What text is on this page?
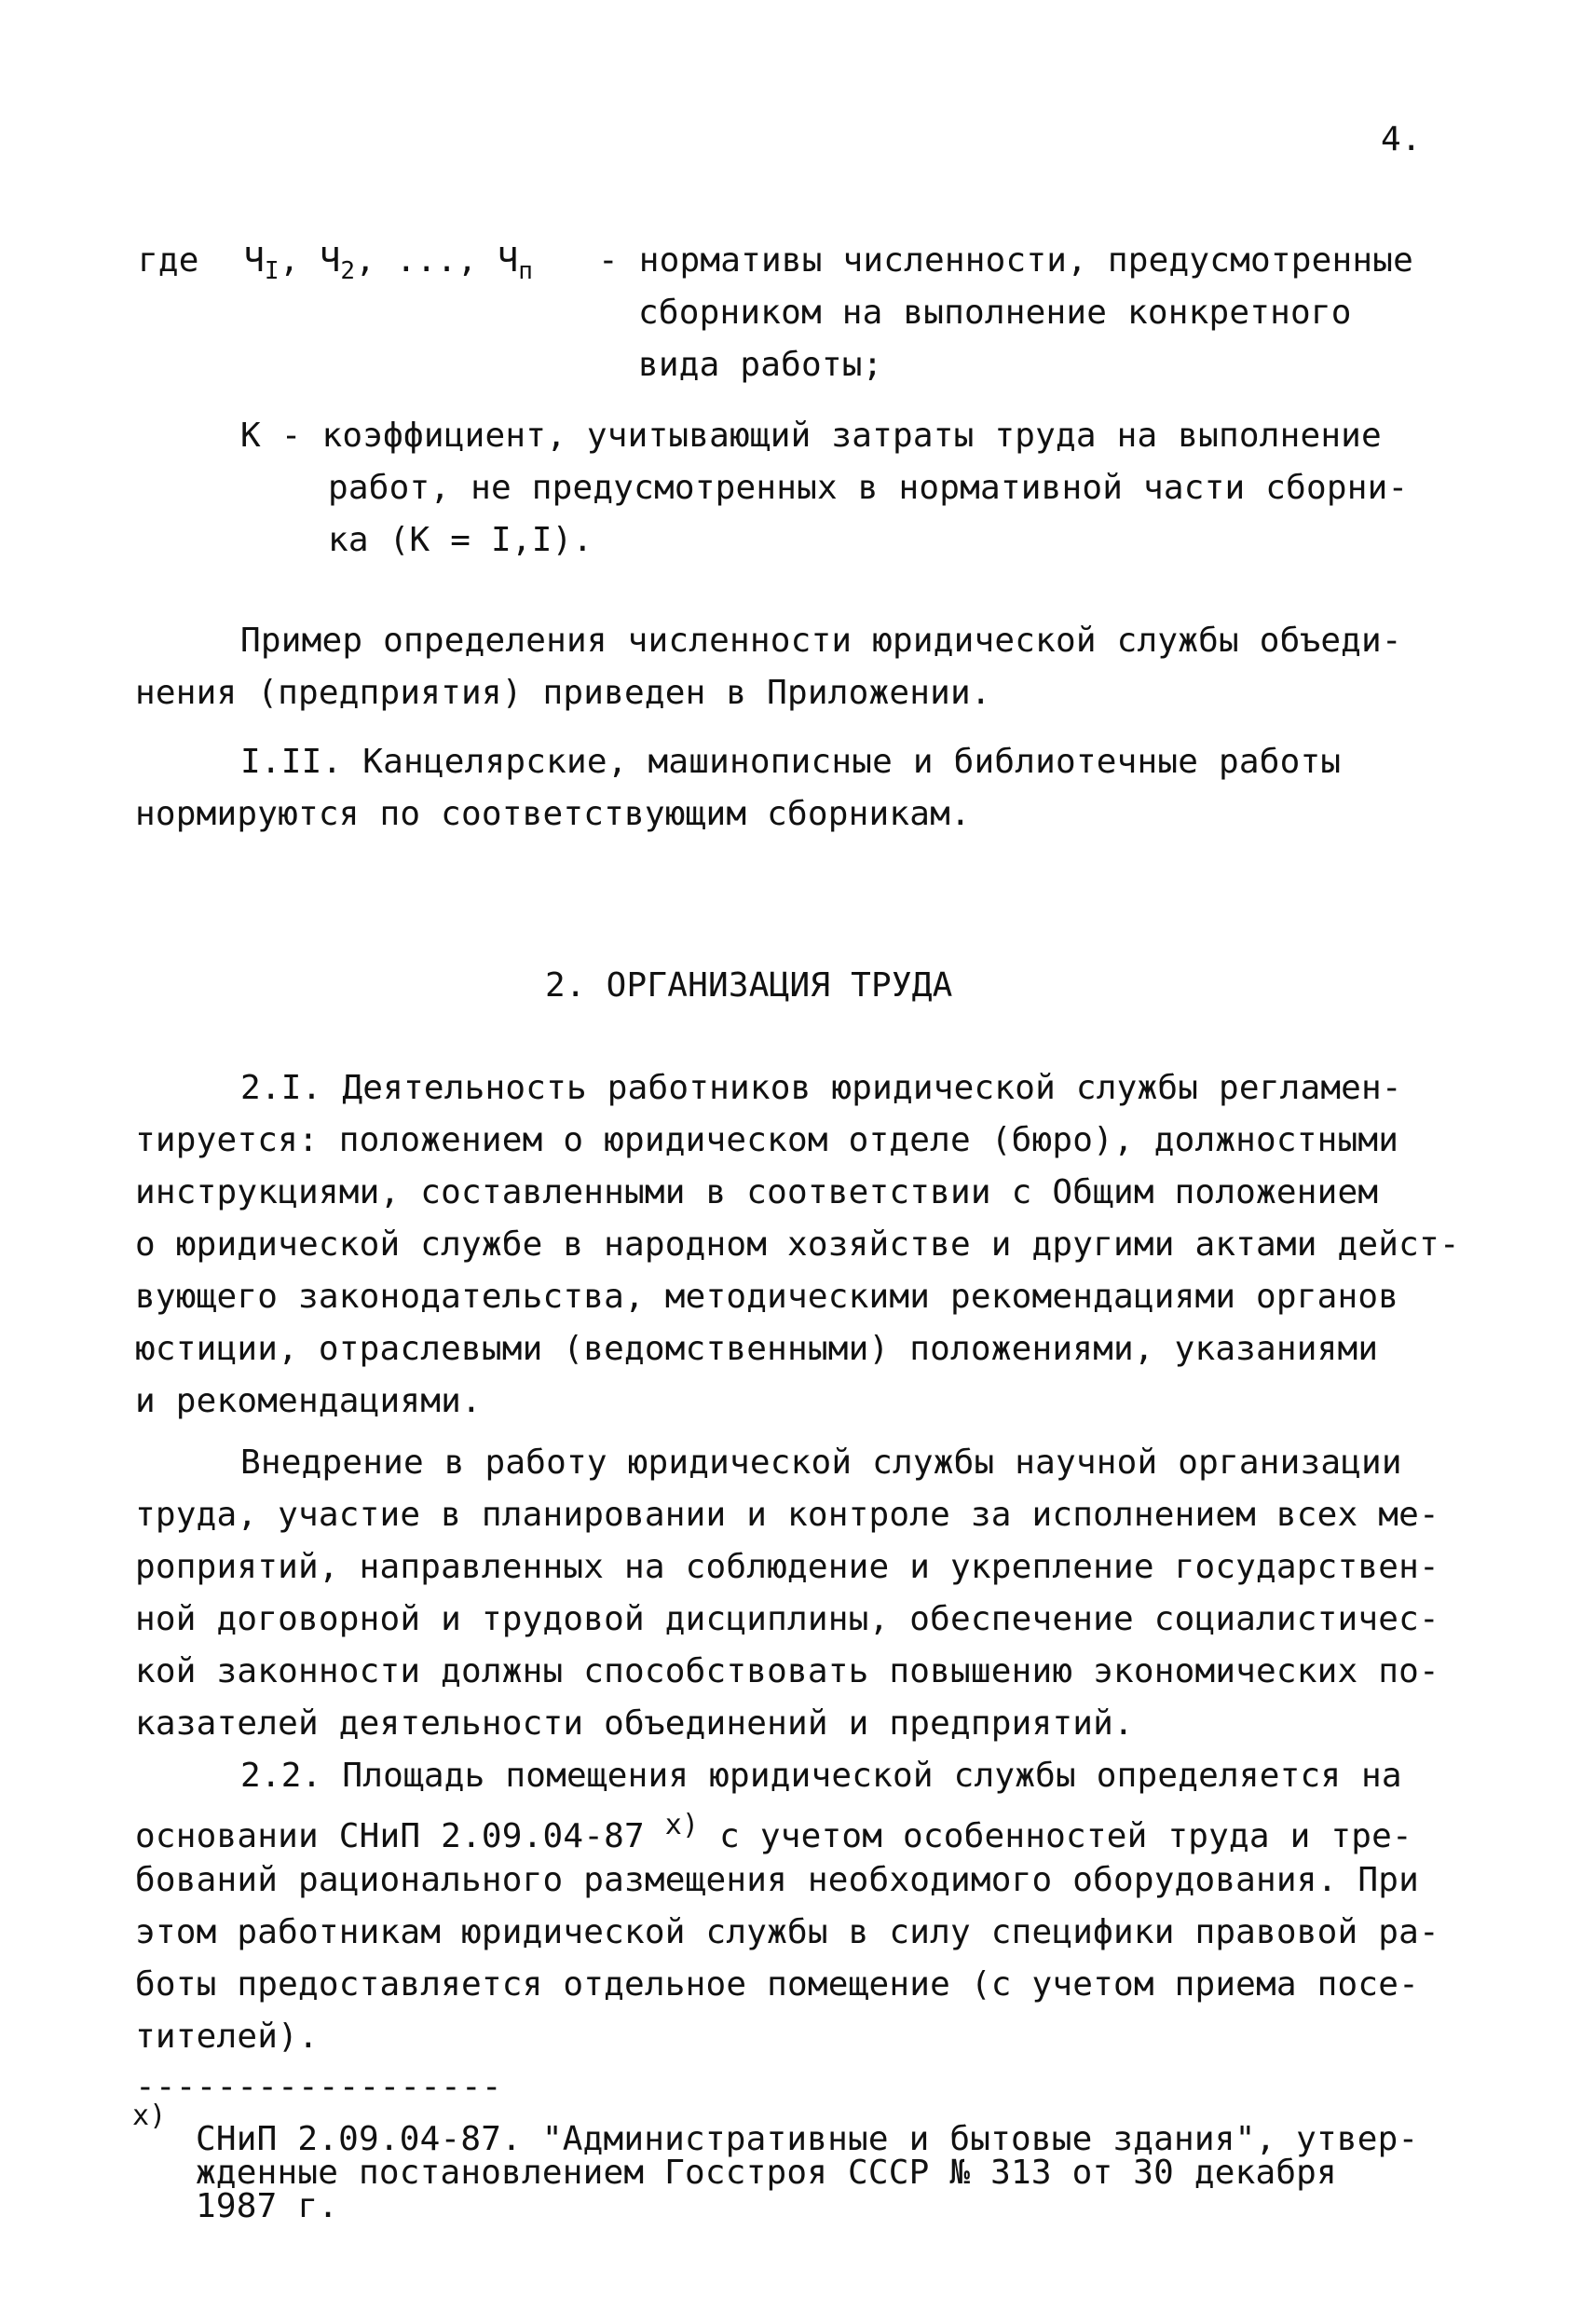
4.
где $Ч_I$, $Ч_2$, ..., $Ч_п$ - нормативы численности, предусмотренные
сборником на выполнение конкретного
вида работы;
К - коэффициент, учитывающий затраты труда на выполнение
работ, не предусмотренных в нормативной части сборни-
ка (К = I,I).
Пример определения численности юридической службы объеди-
нения (предприятия) приведен в Приложении.
I.II. Канцелярские, машинописные и библиотечные работы
нормируются по соответствующим сборникам.
2. ОРГАНИЗАЦИЯ ТРУДА
2.I. Деятельность работников юридической службы регламен-
тируется: положением о юридическом отделе (бюро), должностными
инструкциями, составленными в соответствии с Общим положением
о юридической службе в народном хозяйстве и другими актами дейст-
вующего законодательства, методическими рекомендациями органов
юстиции, отраслевыми (ведомственными) положениями, указаниями
и рекомендациями.
Внедрение в работу юридической службы научной организации
труда, участие в планировании и контроле за исполнением всех ме-
роприятий, направленных на соблюдение и укрепление государствен-
ной договорной и трудовой дисциплины, обеспечение социалистичес-
кой законности должны способствовать повышению экономических по-
казателей деятельности объединений и предприятий.
2.2. Площадь помещения юридической службы определяется на
основании СНиП 2.09.04-87 $^{x)}$ с учетом особенностей труда и тре-
бований рационального размещения необходимого оборудования. При
этом работникам юридической службы в силу специфики правовой ра-
боты предоставляется отдельное помещение (с учетом приема посе-
тителей).
------------------
x)
СНиП 2.09.04-87. "Административные и бытовые здания", утвер-
жденные постановлением Госстроя СССР № 313 от 30 декабря
1987 г.
